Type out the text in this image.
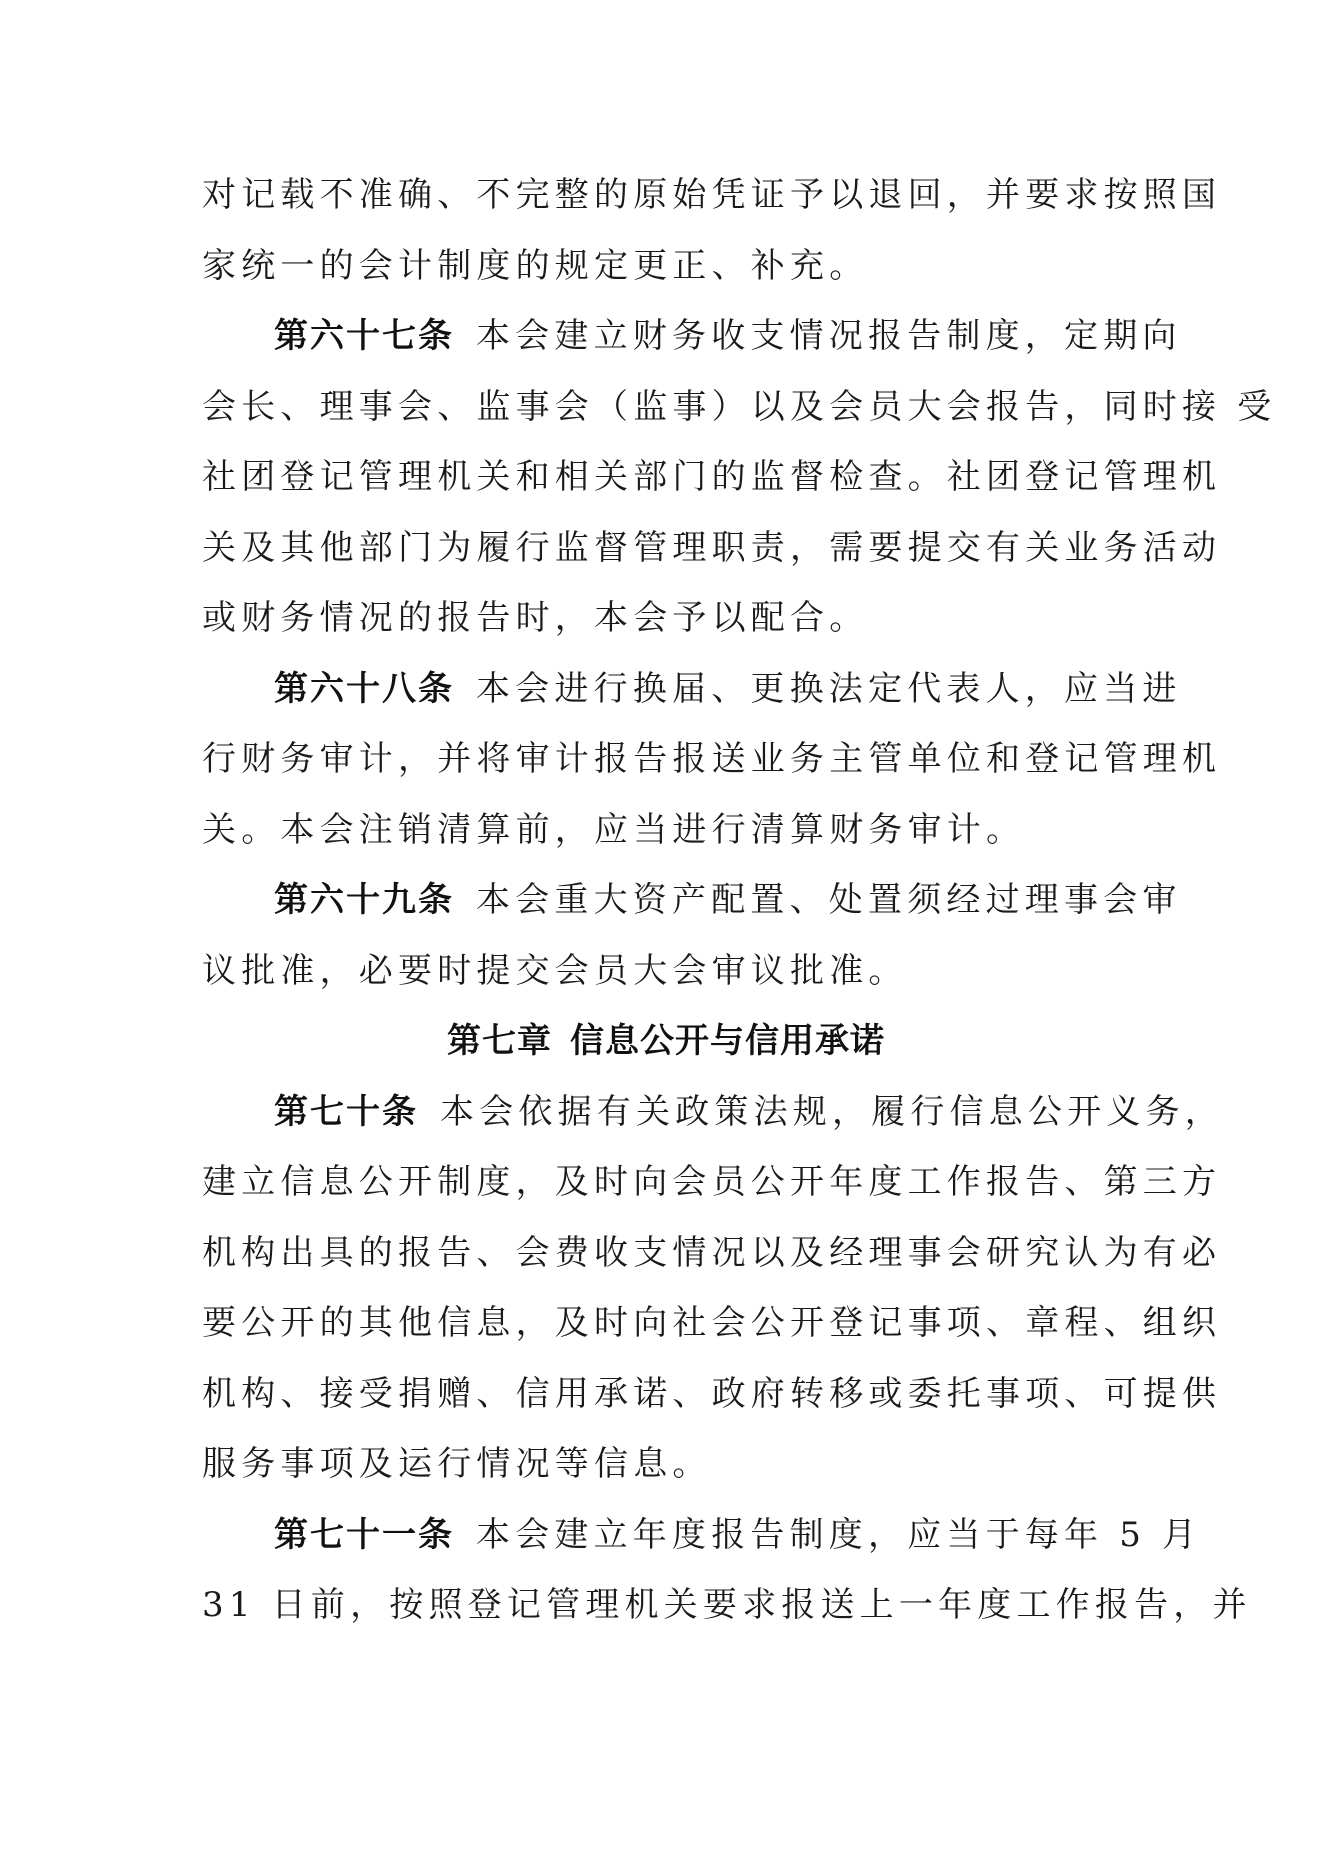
对记载不准确、不完整的原始凭证予以退回，并要求按照国
家统一的会计制度的规定更正、补充。
第六十七条 本会建立财务收支情况报告制度，定期向
会长、理事会、监事会（监事）以及会员大会报告，同时接 受
社团登记管理机关和相关部门的监督检查。社团登记管理机
关及其他部门为履行监督管理职责，需要提交有关业务活动
或财务情况的报告时，本会予以配合。
第六十八条 本会进行换届、更换法定代表人，应当进
行财务审计，并将审计报告报送业务主管单位和登记管理机
关。本会注销清算前，应当进行清算财务审计。
第六十九条 本会重大资产配置、处置须经过理事会审
议批准，必要时提交会员大会审议批准。
第七章 信息公开与信用承诺
第七十条 本会依据有关政策法规，履行信息公开义务，
建立信息公开制度，及时向会员公开年度工作报告、第三方
机构出具的报告、会费收支情况以及经理事会研究认为有必
要公开的其他信息，及时向社会公开登记事项、章程、组织
机构、接受捐赠、信用承诺、政府转移或委托事项、可提供
服务事项及运行情况等信息。
第七十一条 本会建立年度报告制度，应当于每年 5 月
31 日前，按照登记管理机关要求报送上一年度工作报告，并
